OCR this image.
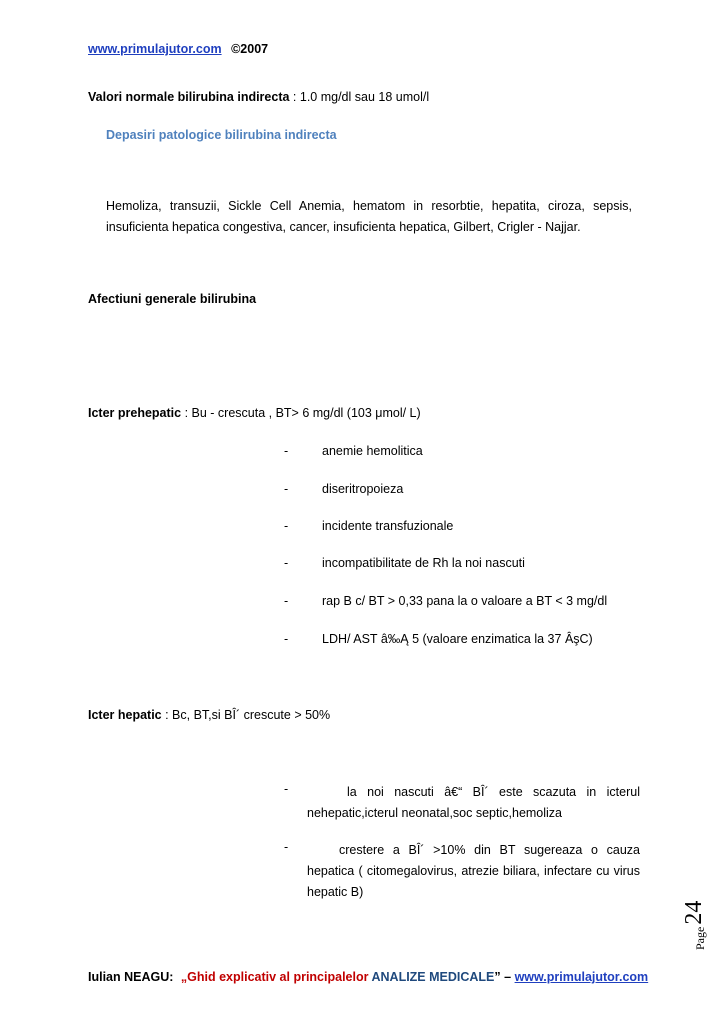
www.primulajutor.com ©2007
Valori normale bilirubina indirecta : 1.0 mg/dl sau 18 umol/l
Depasiri patologice bilirubina indirecta
Hemoliza, transuzii, Sickle Cell Anemia, hematom in resorbtie, hepatita, ciroza, sepsis, insuficienta hepatica congestiva, cancer, insuficienta hepatica, Gilbert, Crigler - Najjar.
Afectiuni generale bilirubina
Icter prehepatic : Bu - crescuta , BT> 6 mg/dl (103 μmol/ L)
-	anemie hemolitica
-	diseritropoieza
-	incidente transfuzionale
-	incompatibilitate de Rh la noi nascuti
-	rap B c/ BT > 0,33 pana la o valoare a BT < 3 mg/dl
-	LDH/ AST â‰Ą 5 (valoare enzimatica la 37 ÂşC)
Icter hepatic : Bc, BT,si BÎ´ crescute > 50%
-	la noi nascuti â€“ BÎ´ este scazuta in icterul nehepatic,icterul neonatal,soc septic,hemoliza
-	crestere a BÎ´ >10% din BT sugereaza o cauza hepatica ( citomegalovirus, atrezie biliara, infectare cu virus hepatic B)
Page
24
Iulian NEAGU: „Ghid explicativ al principalelor ANALIZE MEDICALE” – www.primulajutor.com
